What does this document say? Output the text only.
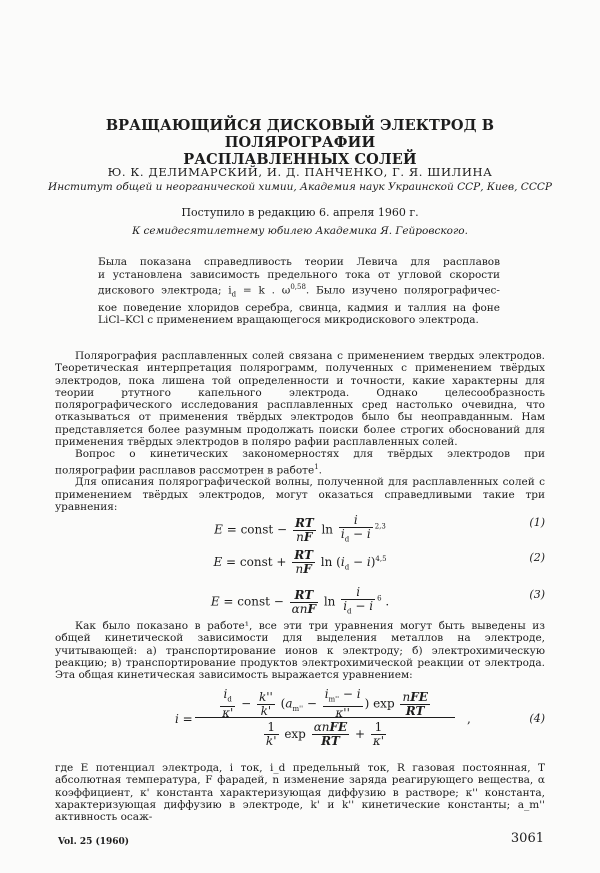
ВРАЩАЮЩИЙСЯ ДИСКОВЫЙ ЭЛЕКТРОД В ПОЛЯРОГРАФИИ
РАСПЛАВЛЕННЫХ СОЛЕЙ
Ю. К. ДЕЛИМАРСКИЙ, И. Д. ПАНЧЕНКО, Г. Я. ШИЛИНА
Институт общей и неорганической химии, Академия наук Украинской ССР, Киев, СССР
Поступило в редакцию 6. апреля 1960 г.
К семидесятилетнему юбилею Академика Я. Гейровского.
Была показана справедливость теории Левича для расплавов
и установлена зависимость предельного тока от угловой скорости
дискового электрода; $i_d = k$ . $\omega^{0,58}$. Было изучено полярографичес-
кое поведение хлоридов серебра, свинца, кадмия и таллия на фоне
LiCl–KCl с применением вращающегося микродискового электрода.

Полярография расплавленных солей связана с применением твердых электродов. Теоретическая интерпретация полярограмм, полученных с применением твёрдых электродов, пока лишена той определенности и точности, какие характерны для теории ртутного капельного электрода. Однако целесообразность полярографического исследования расплавленных сред настолько очевидна, что отказываться от применения твёрдых электродов было бы неоправданным. Нам представляется более разумным продолжать поиски более строгих обоснований для применения твёрдых электродов в поляро рафии расплавленных солей.

Вопрос о кинетических закономерностях для твёрдых электродов при полярографии расплавов рассмотрен в работе$^1$.

Для описания полярографической волны, полученной для расплавленных солей с применением твёрдых электродов, могут оказаться справедливыми такие три уравнения:

E = const − $\frac{RT}{nF}$ $\ln \frac{i}{i_d - i} ^{2,3}$	(1)
E = const + $\frac{RT}{nF}$ $\ln (i_d - i)^{4,5}$	(2)
E = const − $\frac{RT}{\text{αnF}}$ $\ln \frac{i}{i_d - i} ^6$ .
(3)

Как было показано в работе¹, все эти три уравнения могут быть выведены из общей кинетической зависимости для выделения металлов на электроде, учитывающей: а) транспортирование ионов к электроду; б) электрохимическую реакцию; в) транспортирование продуктов электрохимической реакции от электрода. Эта общая кинетическая зависимость выражается уравнением:

$i = \frac{i_d}{\kappa'} - \frac{k''}{k'} (a_{m''} - \frac{i_{m''} - i}{\kappa''}$ ) $\exp \frac{\text{nFE}}{RT}$
$\frac{1}{k'}$ $\exp \frac{\text{αnFE}}{RT} + \frac{1}{\kappa'}$
,	(4)

где E потенциал электрода, i ток, i_d предельный ток, R газовая постоянная, T абсолютная температура, F фарадей, n изменение заряда реагирующего вещества, α коэффициент, κ' константа характеризующая диффузию в растворе; κ'' константа, характеризующая диффузию в электроде, k' и k'' кинетические константы; a_m'' активность осаж-

Vol. 25 (1960)	3061
